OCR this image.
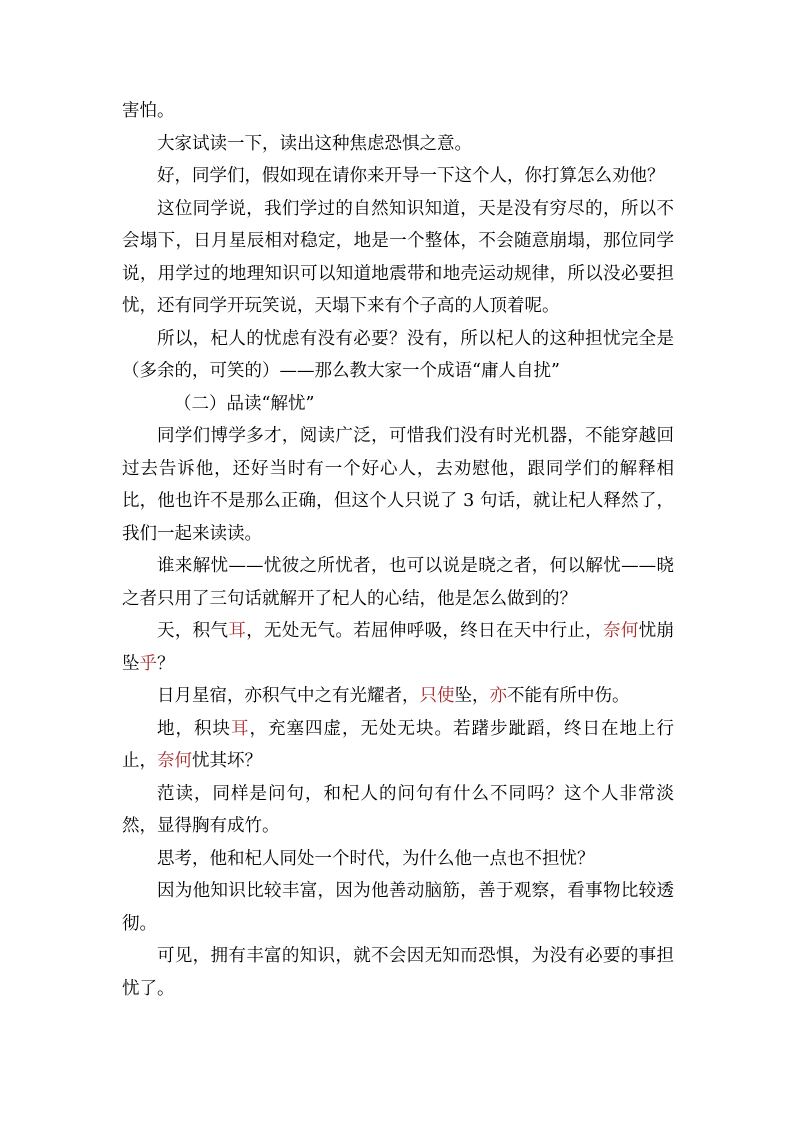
害怕。

大家试读一下，读出这种焦虑恐惧之意。

好，同学们，假如现在请你来开导一下这个人，你打算怎么劝他？

这位同学说，我们学过的自然知识知道，天是没有穷尽的，所以不会塌下，日月星辰相对稳定，地是一个整体，不会随意崩塌，那位同学说，用学过的地理知识可以知道地震带和地壳运动规律，所以没必要担忧，还有同学开玩笑说，天塌下来有个子高的人顶着呢。

所以，杞人的忧虑有没有必要？没有，所以杞人的这种担忧完全是（多余的，可笑的）——那么教大家一个成语“庸人自扰”

（二）品读“解忧”

同学们博学多才，阅读广泛，可惜我们没有时光机器，不能穿越回过去告诉他，还好当时有一个好心人，去劝慰他，跟同学们的解释相比，他也许不是那么正确，但这个人只说了 3 句话，就让杞人释然了，我们一起来读读。

谁来解忧——忧彼之所忧者，也可以说是晓之者，何以解忧——晓之者只用了三句话就解开了杞人的心结，他是怎么做到的？

天，积气耳，无处无气。若屈伸呼吸，终日在天中行止，奈何忧崩坠乎？

日月星宿，亦积气中之有光耀者，只使坠，亦不能有所中伤。

地，积块耳，充塞四虚，无处无块。若躇步跐蹈，终日在地上行止，奈何忧其坏？

范读，同样是问句，和杞人的问句有什么不同吗？这个人非常淡然，显得胸有成竹。

思考，他和杞人同处一个时代，为什么他一点也不担忧？

因为他知识比较丰富，因为他善动脑筋，善于观察，看事物比较透彻。

可见，拥有丰富的知识，就不会因无知而恐惧，为没有必要的事担忧了。
